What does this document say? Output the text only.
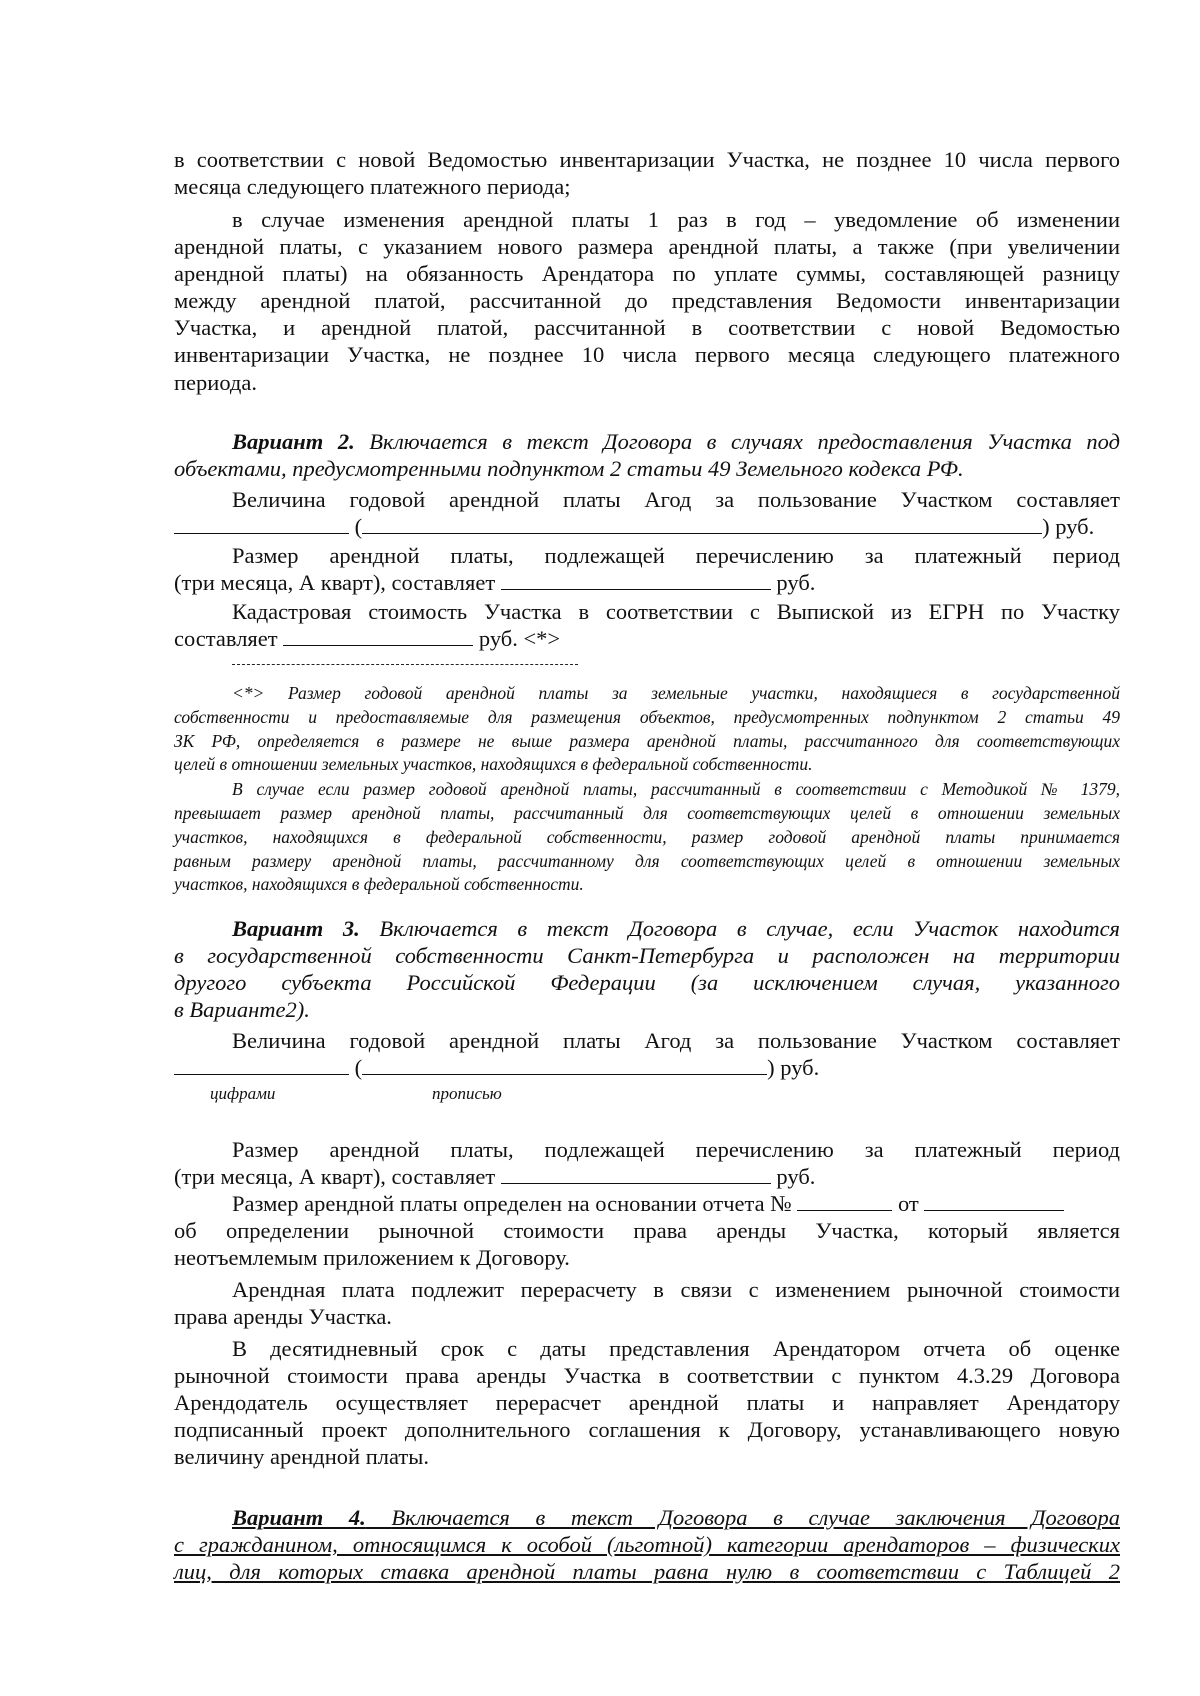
в соответствии с новой Ведомостью инвентаризации Участка, не позднее 10 числа первого
месяца следующего платежного периода;
в случае изменения арендной платы 1 раз в год – уведомление об изменении
арендной платы, с указанием нового размера арендной платы, а также (при увеличении
арендной платы) на обязанность Арендатора по уплате суммы, составляющей разницу
между арендной платой, рассчитанной до представления Ведомости инвентаризации
Участка, и арендной платой, рассчитанной в соответствии с новой Ведомостью
инвентаризации Участка, не позднее 10 числа первого месяца следующего платежного
периода.
Вариант 2. Включается в текст Договора в случаях предоставления Участка под
объектами, предусмотренными подпунктом 2 статьи 49 Земельного кодекса РФ.
Величина годовой арендной платы Агод за пользование Участком составляет
(	) руб.
Размер арендной платы, подлежащей перечислению за платежный период
(три месяца, А кварт), составляет	руб.
Кадастровая стоимость Участка в соответствии с Выпиской из ЕГРН по Участку
составляет	руб. <*>
<*> Размер годовой арендной платы за земельные участки, находящиеся в государственной
собственности и предоставляемые для размещения объектов, предусмотренных подпунктом 2 статьи 49
ЗК РФ, определяется в размере не выше размера арендной платы, рассчитанного для соответствующих
целей в отношении земельных участков, находящихся в федеральной собственности.
В случае если размер годовой арендной платы, рассчитанный в соответствии с Методикой № 1379,
превышает размер арендной платы, рассчитанный для соответствующих целей в отношении земельных
участков, находящихся в федеральной собственности, размер годовой арендной платы принимается
равным размеру арендной платы, рассчитанному для соответствующих целей в отношении земельных
участков, находящихся в федеральной собственности.
Вариант 3. Включается в текст Договора в случае, если Участок находится
в государственной собственности Санкт-Петербурга и расположен на территории
другого субъекта Российской Федерации (за исключением случая, указанного
в Варианте2).
Величина годовой арендной платы Агод за пользование Участком составляет
(	) руб.
цифрами	прописью
Размер арендной платы, подлежащей перечислению за платежный период
(три месяца, А кварт), составляет	руб.
Размер арендной платы определен на основании отчета №	от
об определении рыночной стоимости права аренды Участка, который является
неотъемлемым приложением к Договору.
Арендная плата подлежит перерасчету в связи с изменением рыночной стоимости
права аренды Участка.
В десятидневный срок с даты представления Арендатором отчета об оценке
рыночной стоимости права аренды Участка в соответствии с пунктом 4.3.29 Договора
Арендодатель осуществляет перерасчет арендной платы и направляет Арендатору
подписанный проект дополнительного соглашения к Договору, устанавливающего новую
величину арендной платы.
Вариант 4. Включается в текст Договора в случае заключения Договора
с гражданином, относящимся к особой (льготной) категории арендаторов – физических
лиц, для которых ставка арендной платы равна нулю в соответствии с Таблицей 2
